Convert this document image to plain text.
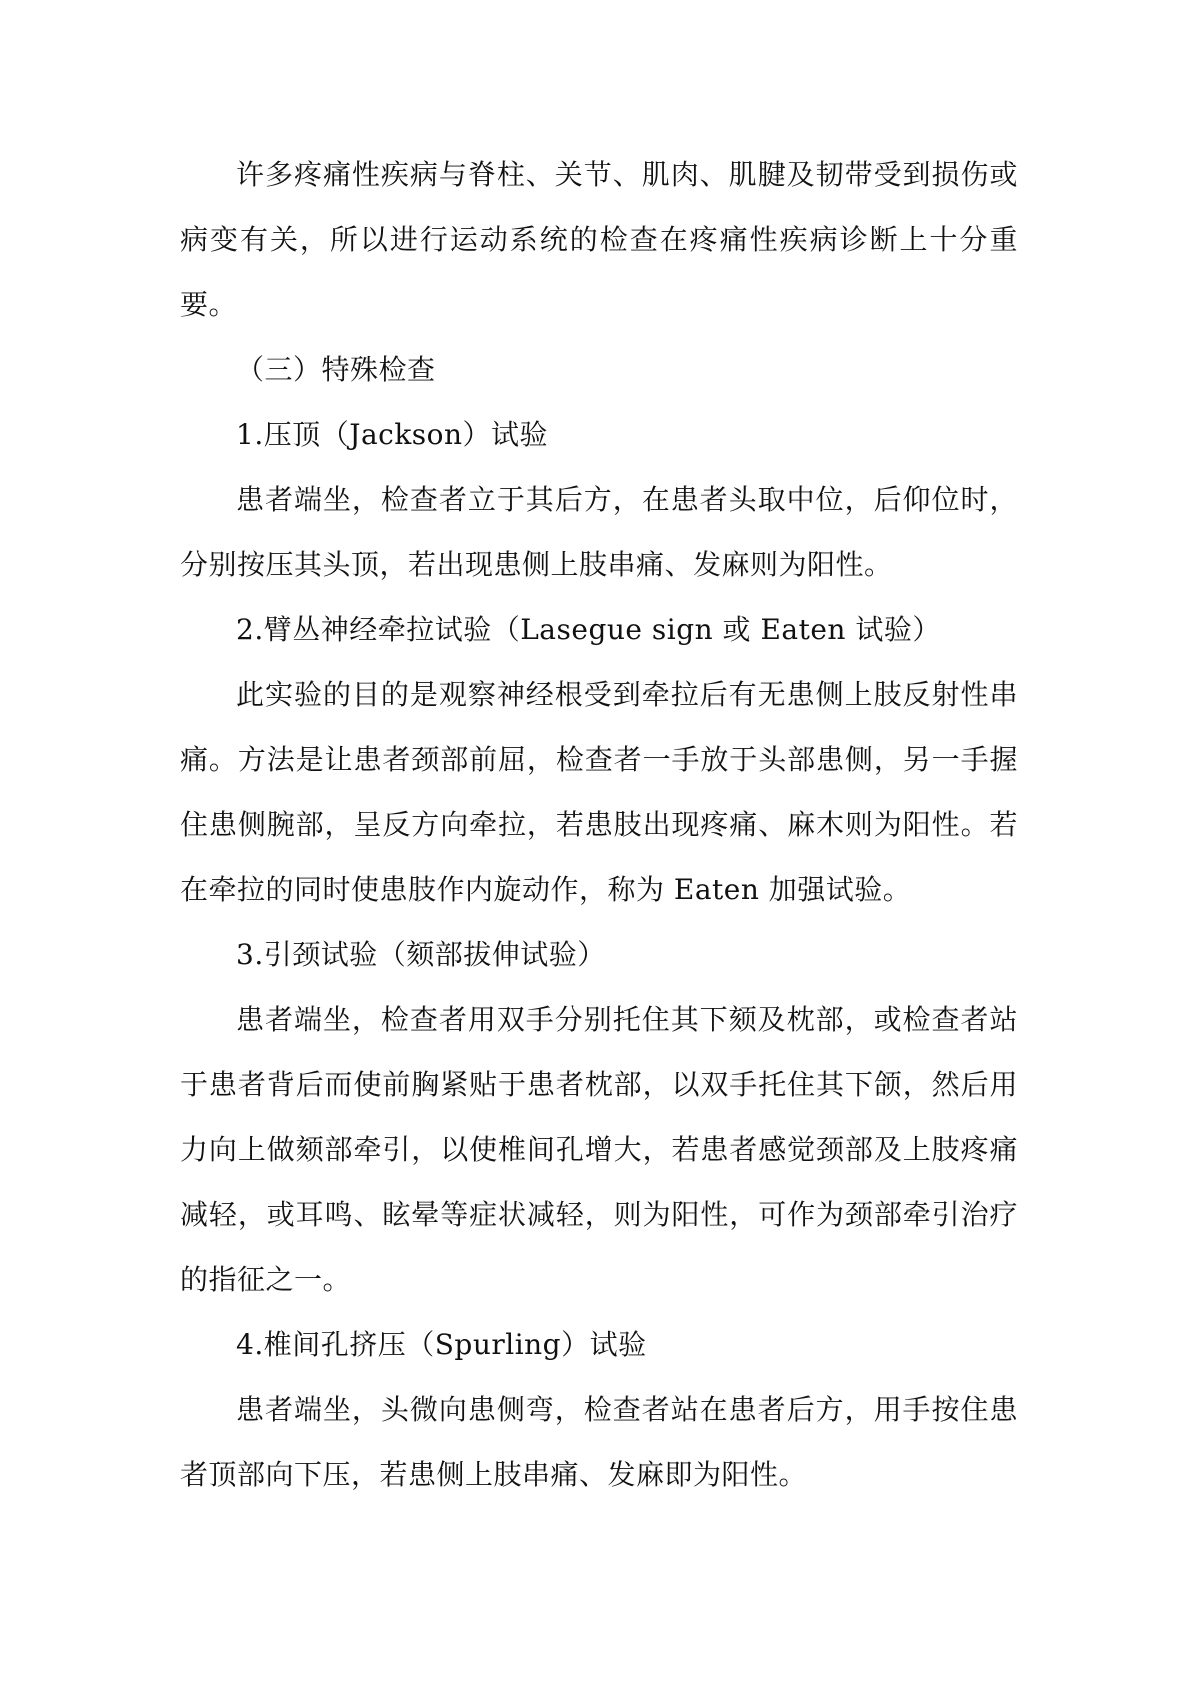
许多疼痛性疾病与脊柱、关节、肌肉、肌腱及韧带受到损伤或病变有关，所以进行运动系统的检查在疼痛性疾病诊断上十分重要。

（三）特殊检查

1.压顶（Jackson）试验

患者端坐，检查者立于其后方，在患者头取中位，后仰位时，分别按压其头顶，若出现患侧上肢串痛、发麻则为阳性。

2.臂丛神经牵拉试验（Lasegue sign 或 Eaten 试验）

此实验的目的是观察神经根受到牵拉后有无患侧上肢反射性串痛。方法是让患者颈部前屈，检查者一手放于头部患侧，另一手握住患侧腕部，呈反方向牵拉，若患肢出现疼痛、麻木则为阳性。若在牵拉的同时使患肢作内旋动作，称为 Eaten 加强试验。

3.引颈试验（颏部拔伸试验）

患者端坐，检查者用双手分别托住其下颏及枕部，或检查者站于患者背后而使前胸紧贴于患者枕部，以双手托住其下颌，然后用力向上做颏部牵引，以使椎间孔增大，若患者感觉颈部及上肢疼痛减轻，或耳鸣、眩晕等症状减轻，则为阳性，可作为颈部牵引治疗的指征之一。

4.椎间孔挤压（Spurling）试验

患者端坐，头微向患侧弯，检查者站在患者后方，用手按住患者顶部向下压，若患侧上肢串痛、发麻即为阳性。
